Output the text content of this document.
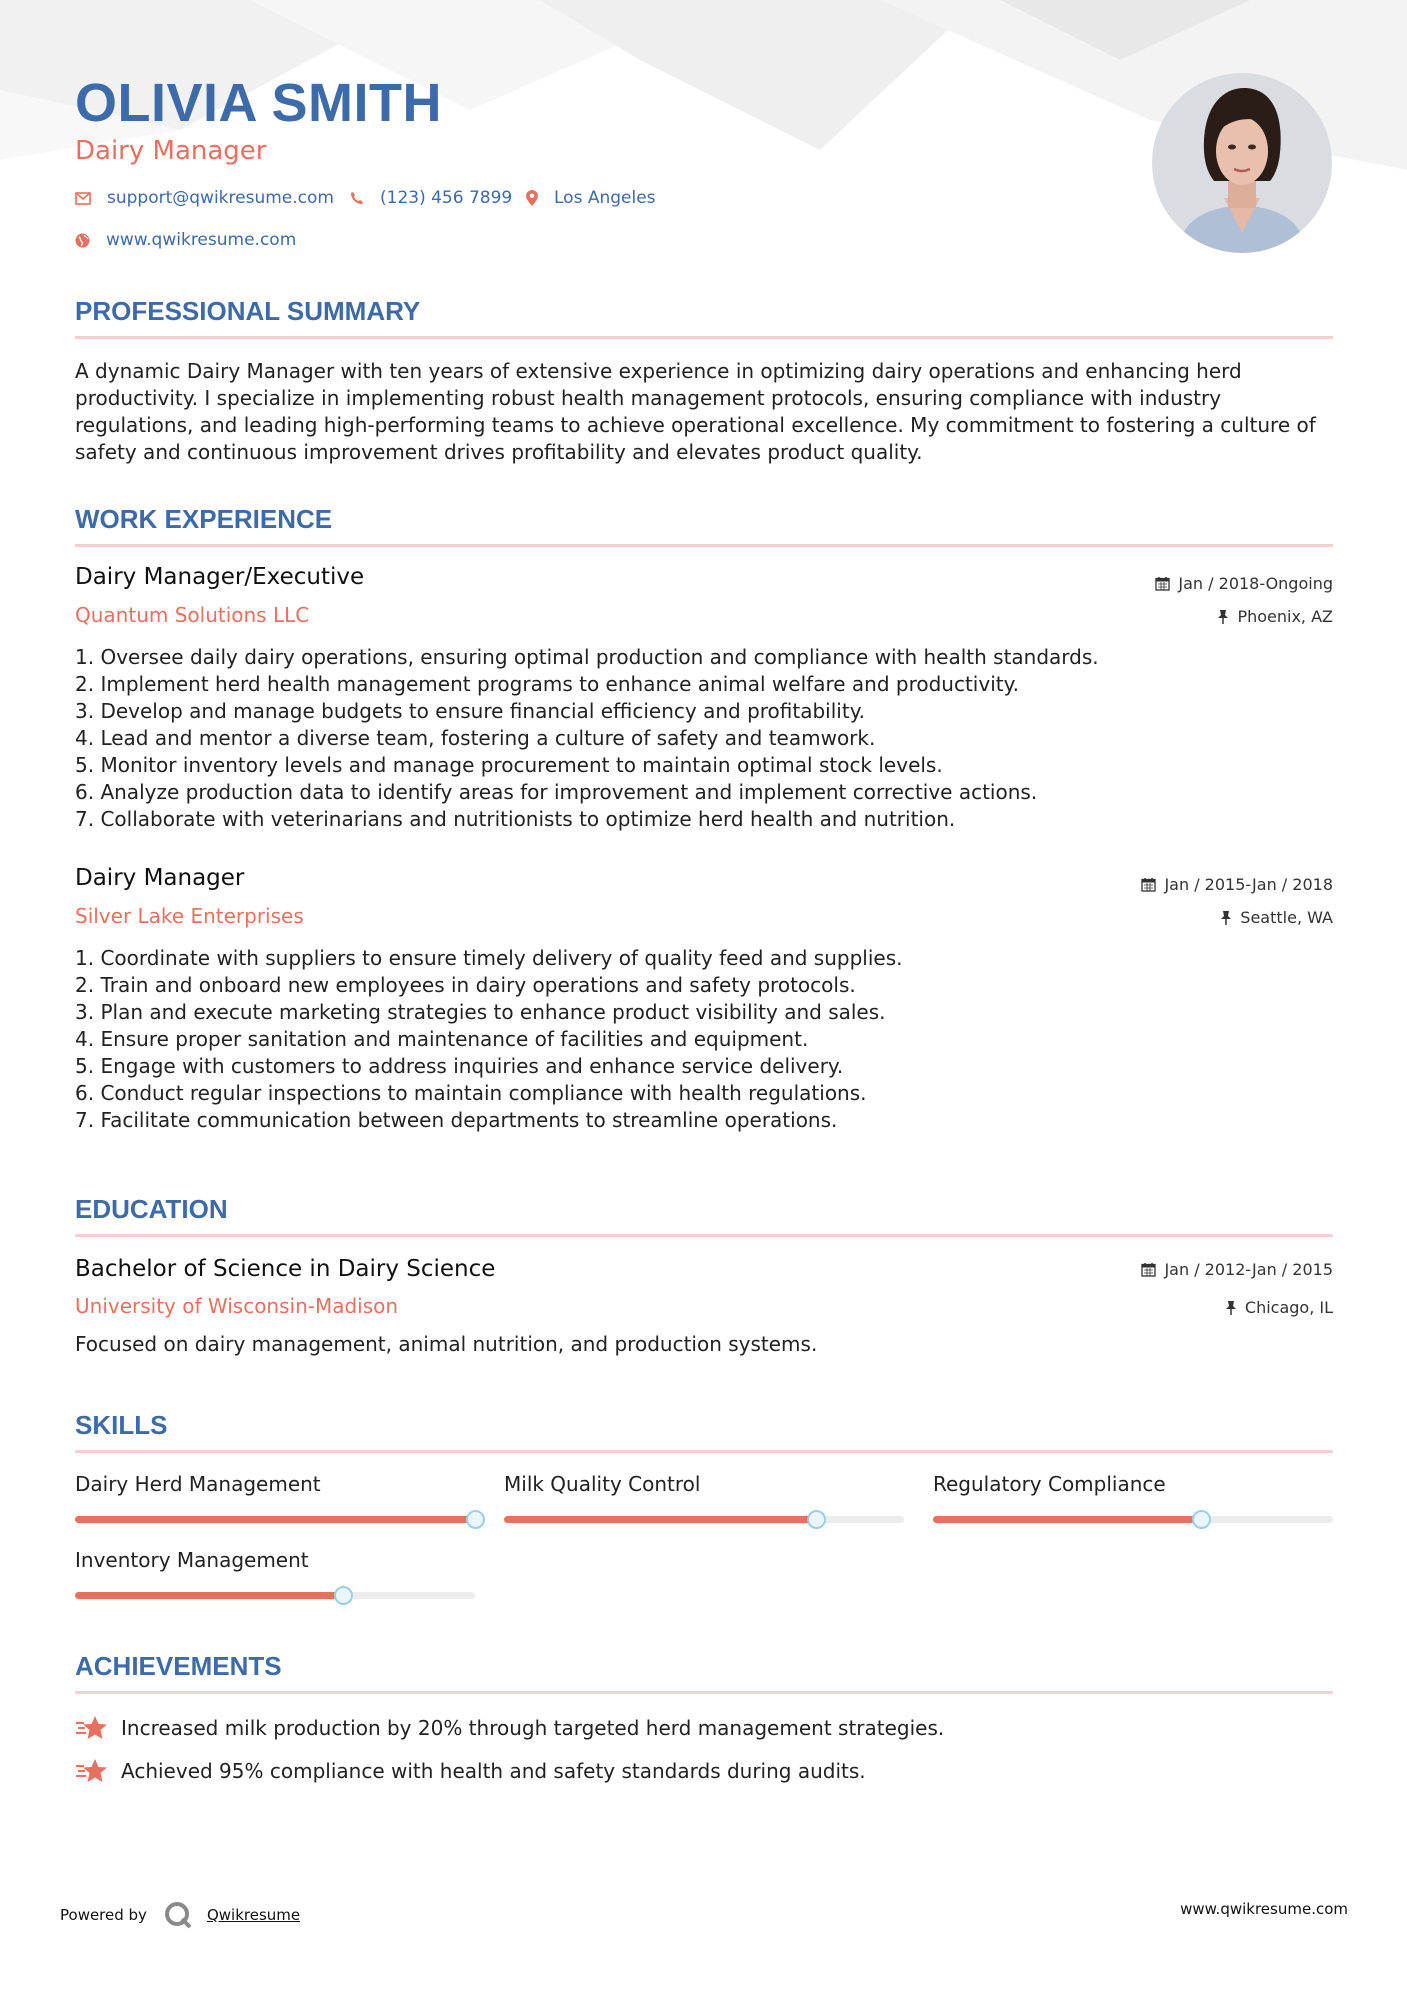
OLIVIA SMITH
Dairy Manager
support@qwikresume.com	(123) 456 7899 Los Angeles
www.qwikresume.com
PROFESSIONAL SUMMARY
A dynamic Dairy Manager with ten years of extensive experience in optimizing dairy operations and enhancing herd productivity. I specialize in implementing robust health management protocols, ensuring compliance with industry regulations, and leading high-performing teams to achieve operational excellence. My commitment to fostering a culture of safety and continuous improvement drives profitability and elevates product quality.
WORK EXPERIENCE
Dairy Manager/Executive
Quantum Solutions LLC
Jan / 2018-Ongoing
Phoenix, AZ
Oversee daily dairy operations, ensuring optimal production and compliance with health standards.
Implement herd health management programs to enhance animal welfare and productivity.
Develop and manage budgets to ensure financial efficiency and profitability.
Lead and mentor a diverse team, fostering a culture of safety and teamwork.
Monitor inventory levels and manage procurement to maintain optimal stock levels.
Analyze production data to identify areas for improvement and implement corrective actions.
Collaborate with veterinarians and nutritionists to optimize herd health and nutrition.
Dairy Manager
Silver Lake Enterprises
Jan / 2015-Jan / 2018
Seattle, WA
Coordinate with suppliers to ensure timely delivery of quality feed and supplies.
Train and onboard new employees in dairy operations and safety protocols.
Plan and execute marketing strategies to enhance product visibility and sales.
Ensure proper sanitation and maintenance of facilities and equipment.
Engage with customers to address inquiries and enhance service delivery.
Conduct regular inspections to maintain compliance with health regulations.
Facilitate communication between departments to streamline operations.
EDUCATION
Bachelor of Science in Dairy Science
University of Wisconsin-Madison
Jan / 2012-Jan / 2015
Chicago, IL
Focused on dairy management, animal nutrition, and production systems.
SKILLS
Dairy Herd Management	Milk Quality Control	Regulatory Compliance
Inventory Management
ACHIEVEMENTS
Increased milk production by 20% through targeted herd management strategies.
Achieved 95% compliance with health and safety standards during audits.
Powered by	Qwikresume	www.qwikresume.com
